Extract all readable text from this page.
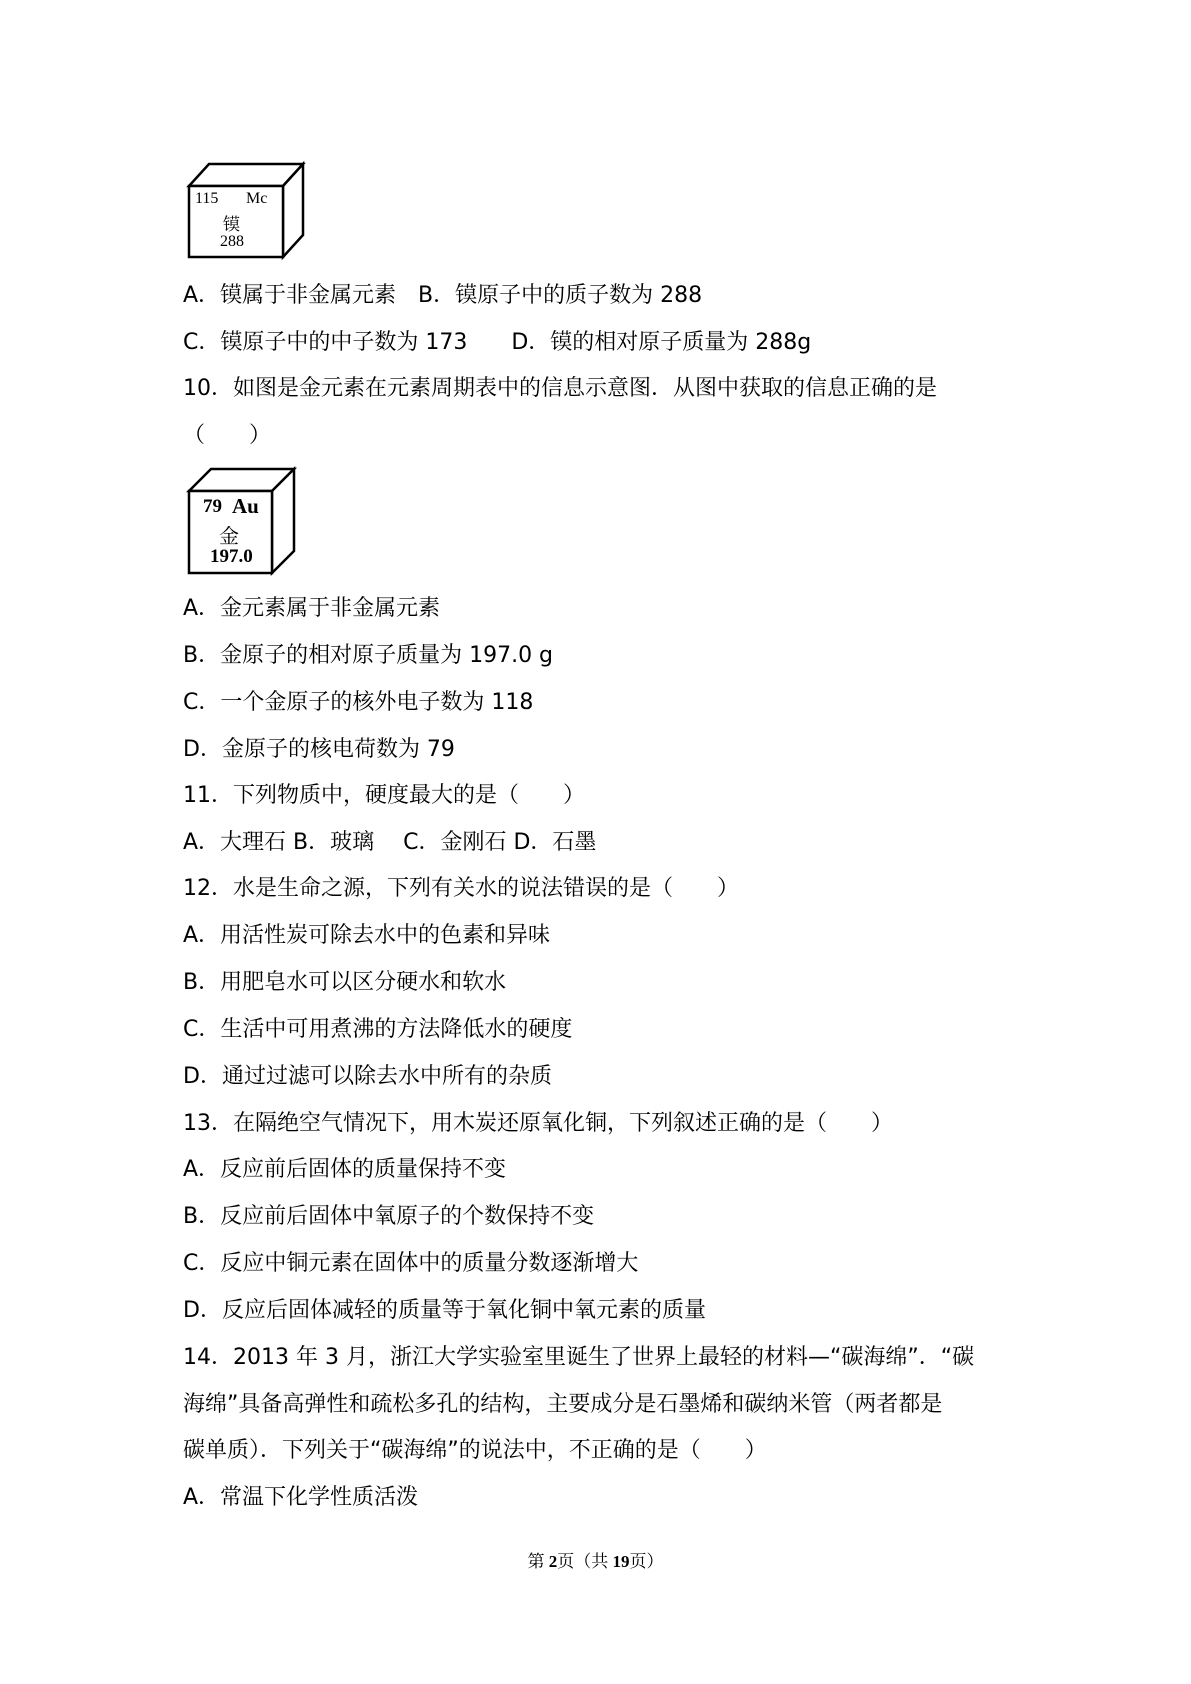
115 Mc
镆
288
A．镆属于非金属元素　B．镆原子中的质子数为 288
C．镆原子中的中子数为 173　　D．镆的相对原子质量为 288g
10．如图是金元素在元素周期表中的信息示意图．从图中获取的信息正确的是
（　　）
79 Au
金
197.0
A．金元素属于非金属元素
B．金原子的相对原子质量为 197.0 g
C．一个金原子的核外电子数为 118
D．金原子的核电荷数为 79
11．下列物质中，硬度最大的是（　　）
A．大理石 B．玻璃　 C．金刚石 D．石墨
12．水是生命之源，下列有关水的说法错误的是（　　）
A．用活性炭可除去水中的色素和异味
B．用肥皂水可以区分硬水和软水
C．生活中可用煮沸的方法降低水的硬度
D．通过过滤可以除去水中所有的杂质
13．在隔绝空气情况下，用木炭还原氧化铜，下列叙述正确的是（　　）
A．反应前后固体的质量保持不变
B．反应前后固体中氧原子的个数保持不变
C．反应中铜元素在固体中的质量分数逐渐增大
D．反应后固体减轻的质量等于氧化铜中氧元素的质量
14．2013 年 3 月，浙江大学实验室里诞生了世界上最轻的材料—“碳海绵”．“碳
海绵”具备高弹性和疏松多孔的结构，主要成分是石墨烯和碳纳米管（两者都是
碳单质）．下列关于“碳海绵”的说法中，不正确的是（　　）
A．常温下化学性质活泼
第 2页（共 19页）
